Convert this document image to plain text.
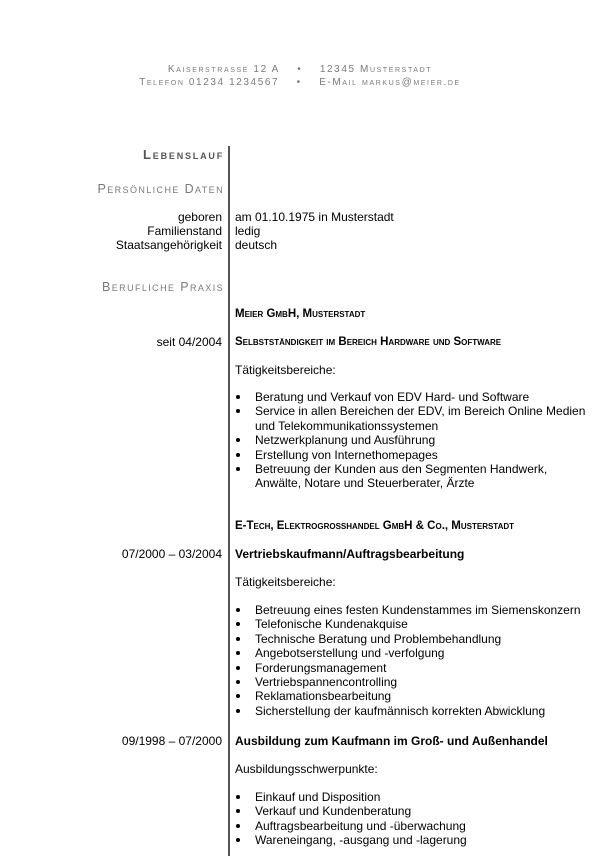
Kaiserstrasse 12 A • 12345 Musterstadt
Telefon 01234 1234567 • E-Mail markus@meier.de
Lebenslauf
Persönliche Daten
geboren am 01.10.1975 in Musterstadt
Familienstand ledig
Staatsangehörigkeit deutsch
Berufliche Praxis
Meier GmbH, Musterstadt
seit 04/2004 Selbstständigkeit im Bereich Hardware und Software
Tätigkeitsbereiche:
Beratung und Verkauf von EDV Hard- und Software
Service in allen Bereichen der EDV, im Bereich Online Medien und Telekommunikationssystemen
Netzwerkplanung und Ausführung
Erstellung von Internethomepages
Betreuung der Kunden aus den Segmenten Handwerk, Anwälte, Notare und Steuerberater, Ärzte
E-Tech, Elektrogrosshandel GmbH & Co., Musterstadt
07/2000 – 03/2004 Vertriebskaufmann/Auftragsbearbeitung
Tätigkeitsbereiche:
Betreuung eines festen Kundenstammes im Siemenskonzern
Telefonische Kundenakquise
Technische Beratung und Problembehandlung
Angebotserstellung und -verfolgung
Forderungsmanagement
Vertriebspannencontrolling
Reklamationsbearbeitung
Sicherstellung der kaufmännisch korrekten Abwicklung
09/1998 – 07/2000 Ausbildung zum Kaufmann im Groß- und Außenhandel
Ausbildungsschwerpunkte:
Einkauf und Disposition
Verkauf und Kundenberatung
Auftragsbearbeitung und -überwachung
Wareneingang, -ausgang und -lagerung
